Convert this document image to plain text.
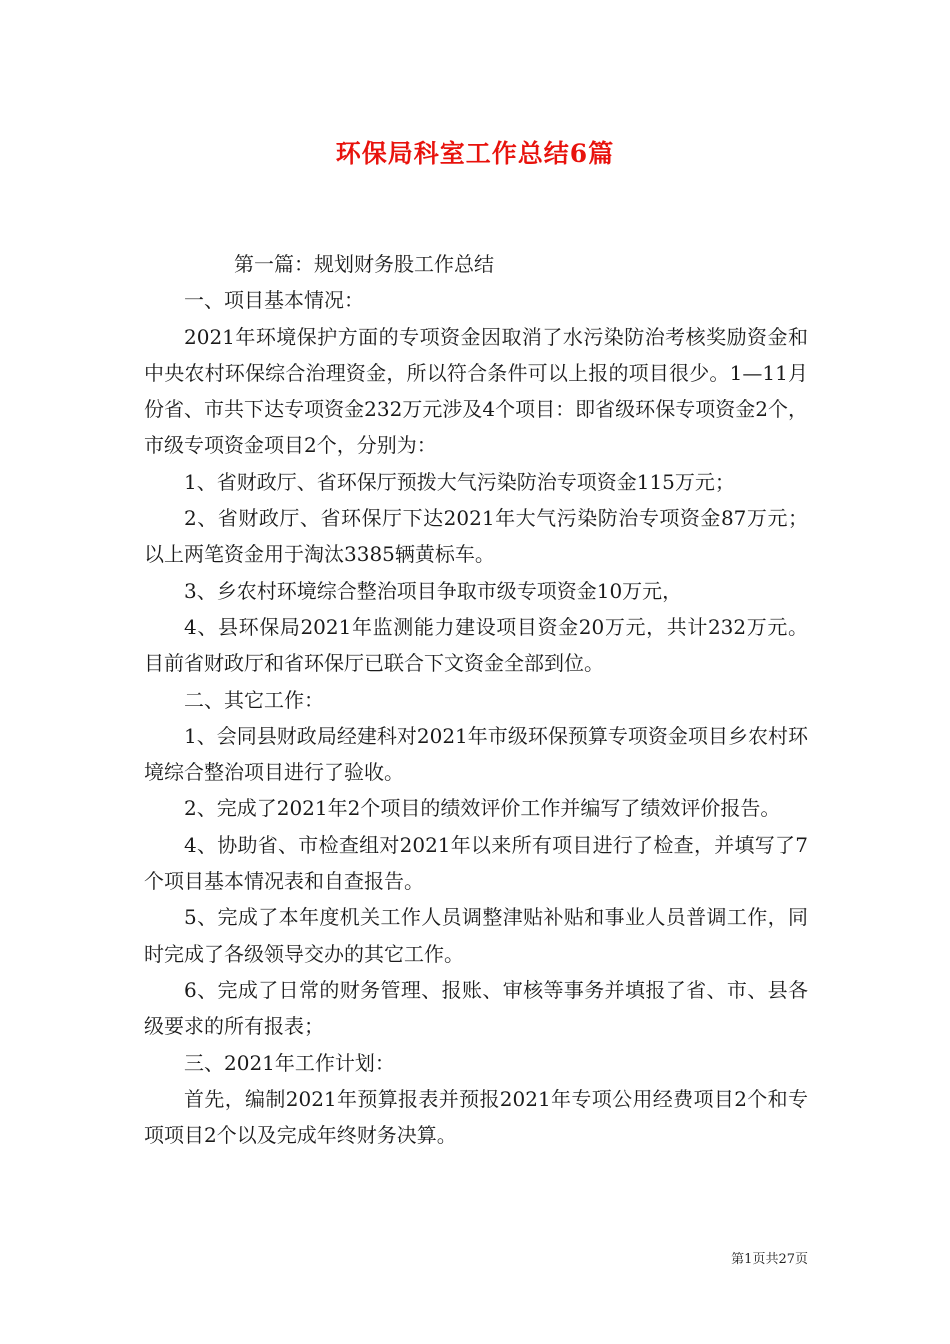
环保局科室工作总结6篇

第一篇：规划财务股工作总结

一、项目基本情况：

2021年环境保护方面的专项资金因取消了水污染防治考核奖励资金和中央农村环保综合治理资金，所以符合条件可以上报的项目很少。1—11月份省、市共下达专项资金232万元涉及4个项目：即省级环保专项资金2个，市级专项资金项目2个，分别为：

1、省财政厅、省环保厅预拨大气污染防治专项资金115万元；

2、省财政厅、省环保厅下达2021年大气污染防治专项资金87万元；以上两笔资金用于淘汰3385辆黄标车。

3、乡农村环境综合整治项目争取市级专项资金10万元，

4、县环保局2021年监测能力建设项目资金20万元，共计232万元。目前省财政厅和省环保厅已联合下文资金全部到位。

二、其它工作：

1、会同县财政局经建科对2021年市级环保预算专项资金项目乡农村环境综合整治项目进行了验收。

2、完成了2021年2个项目的绩效评价工作并编写了绩效评价报告。

4、协助省、市检查组对2021年以来所有项目进行了检查，并填写了7个项目基本情况表和自查报告。

5、完成了本年度机关工作人员调整津贴补贴和事业人员普调工作，同时完成了各级领导交办的其它工作。

6、完成了日常的财务管理、报账、审核等事务并填报了省、市、县各级要求的所有报表；

三、2021年工作计划：

首先，编制2021年预算报表并预报2021年专项公用经费项目2个和专项项目2个以及完成年终财务决算。

第1页共27页
